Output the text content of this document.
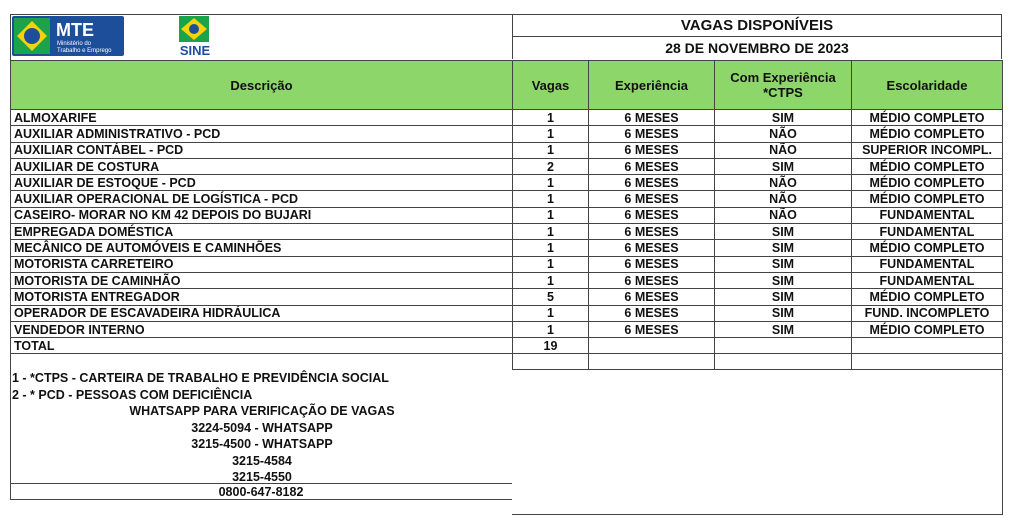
MTE
Ministério do
Trabalho e Emprego	SINE
VAGAS DISPONÍVEIS
28 DE NOVEMBRO DE 2023
Descrição	Vagas	Experiência	Com Experiência *CTPS	Escolaridade
ALMOXARIFE	1	6 MESES	SIM	MÉDIO COMPLETO
AUXILIAR ADMINISTRATIVO - PCD	1	6 MESES	NÃO	MÉDIO COMPLETO
AUXILIAR CONTÁBEL - PCD	1	6 MESES	NÃO	SUPERIOR INCOMPL.
AUXILIAR DE COSTURA	2	6 MESES	SIM	MÉDIO COMPLETO
AUXILIAR DE ESTOQUE - PCD	1	6 MESES	NÃO	MÉDIO COMPLETO
AUXILIAR OPERACIONAL DE LOGÍSTICA - PCD	1	6 MESES	NÃO	MÉDIO COMPLETO
CASEIRO- MORAR NO KM 42 DEPOIS DO BUJARI	1	6 MESES	NÃO	FUNDAMENTAL
EMPREGADA DOMÉSTICA	1	6 MESES	SIM	FUNDAMENTAL
MECÂNICO DE AUTOMÓVEIS E CAMINHÕES	1	6 MESES	SIM	MÉDIO COMPLETO
MOTORISTA CARRETEIRO	1	6 MESES	SIM	FUNDAMENTAL
MOTORISTA DE CAMINHÃO	1	6 MESES	SIM	FUNDAMENTAL
MOTORISTA ENTREGADOR	5	6 MESES	SIM	MÉDIO COMPLETO
OPERADOR DE ESCAVADEIRA HIDRÁULICA	1	6 MESES	SIM	FUND. INCOMPLETO
VENDEDOR INTERNO	1	6 MESES	SIM	MÉDIO COMPLETO
TOTAL	19			

1 - *CTPS - CARTEIRA DE TRABALHO E PREVIDÊNCIA SOCIAL
2 - * PCD - PESSOAS COM DEFICIÊNCIA
WHATSAPP PARA VERIFICAÇÃO DE VAGAS
3224-5094 - WHATSAPP
3215-4500 - WHATSAPP
3215-4584
3215-4550
0800-647-8182
